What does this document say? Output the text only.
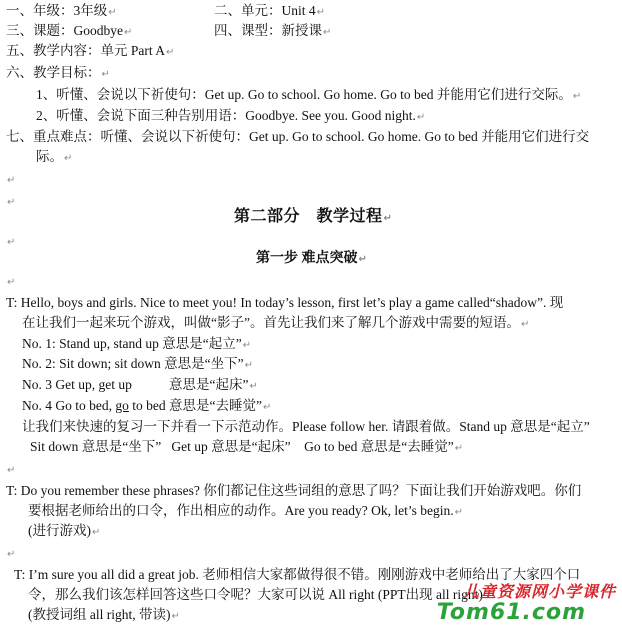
一、年级：3年级↵	二、单元：Unit 4↵
三、课题：Goodbye↵	四、课型：新授课↵
五、教学内容：单元 Part A↵
六、教学目标：↵
1、听懂、会说以下祈使句：Get up. Go to school. Go home. Go to bed 并能用它们进行交际。↵
2、听懂、会说下面三种告别用语：Goodbye. See you. Good night.↵
七、重点难点：听懂、会说以下祈使句：Get up. Go to school. Go home. Go to bed 并能用它们进行交
际。↵
↵
↵
第二部分　教学过程↵
↵
第一步 难点突破↵
↵
T: Hello, boys and girls. Nice to meet you! In today’s lesson, first let’s play a game called“shadow”. 现
在让我们一起来玩个游戏，叫做“影子”。首先让我们来了解几个游戏中需要的短语。↵
No. 1: Stand up, stand up 意思是“起立”↵
No. 2: Sit down; sit down 意思是“坐下”↵
No. 3 Get up, get up           意思是“起床”↵
No. 4 Go to bed, go to bed 意思是“去睡觉”↵
让我们来快速的复习一下并看一下示范动作。Please follow her. 请跟着做。Stand up 意思是“起立”
Sit down 意思是“坐下”   Get up 意思是“起床”    Go to bed 意思是“去睡觉”↵
↵
T: Do you remember these phrases? 你们都记住这些词组的意思了吗？下面让我们开始游戏吧。你们
要根据老师给出的口令，作出相应的动作。Are you ready? Ok, let’s begin.↵
(进行游戏)↵
↵
T: I’m sure you all did a great job. 老师相信大家都做得很不错。刚刚游戏中老师给出了大家四个口
令，那么我们该怎样回答这些口令呢？大家可以说 All right (PPT出现 all right)
(教授词组 all right, 带读)↵
儿童资源网小学课件
Tom61.com
